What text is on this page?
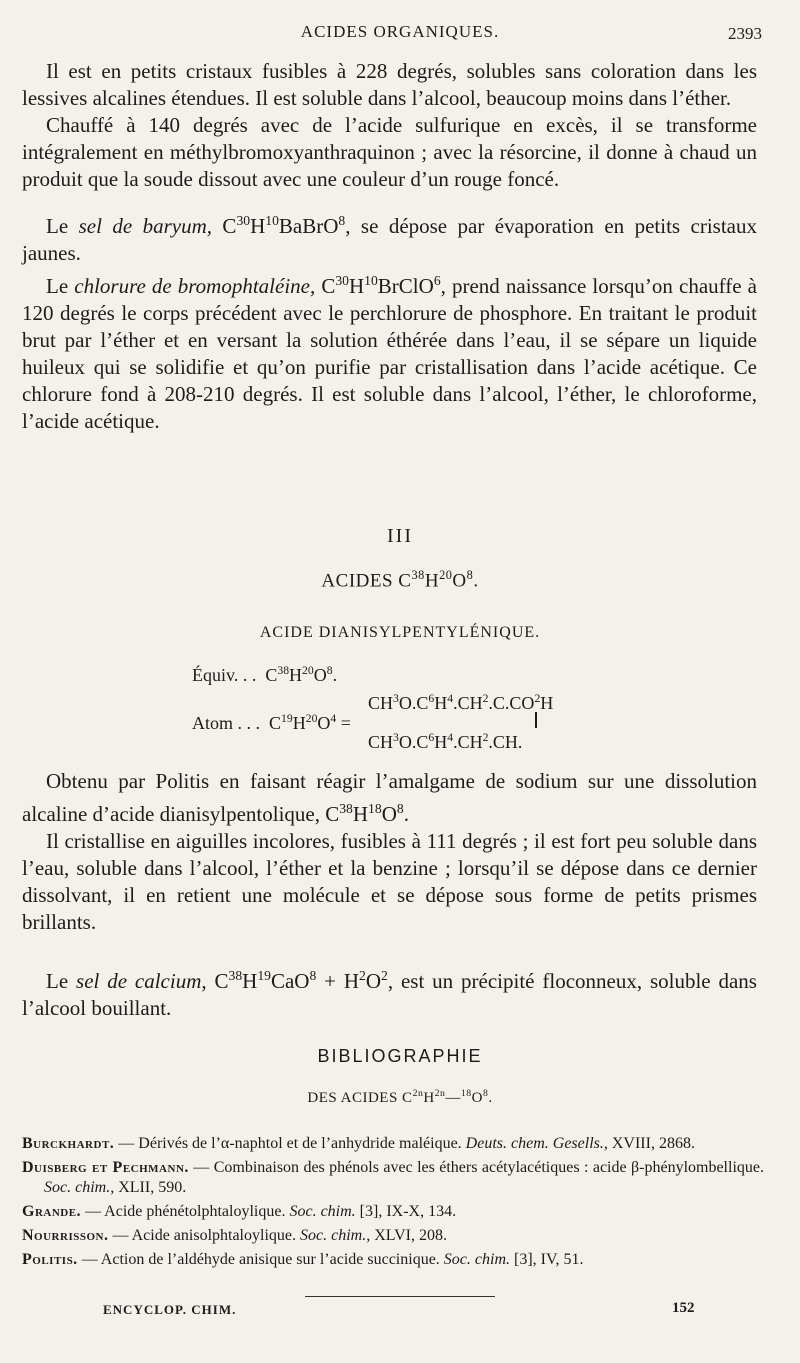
ACIDES ORGANIQUES.	2393

Il est en petits cristaux fusibles à 228 degrés, solubles sans coloration dans les lessives alcalines étendues. Il est soluble dans l’alcool, beaucoup moins dans l’éther.

Chauffé à 140 degrés avec de l’acide sulfurique en excès, il se transforme intégralement en méthylbromoxyanthraquinon ; avec la résorcine, il donne à chaud un produit que la soude dissout avec une couleur d’un rouge foncé.

Le sel de baryum, $C^{30}H^{10}BaBrO^8$, se dépose par évaporation en petits cristaux jaunes.

Le chlorure de bromophtaléine, $C^{30}H^{10}BrClO^6$, prend naissance lorsqu’on chauffe à 120 degrés le corps précédent avec le perchlorure de phosphore. En traitant le produit brut par l’éther et en versant la solution éthérée dans l’eau, il se sépare un liquide huileux qui se solidifie et qu’on purifie par cristallisation dans l’acide acétique. Ce chlorure fond à 208-210 degrés. Il est soluble dans l’alcool, l’éther, le chloroforme, l’acide acétique.

III
ACIDES $C^{38}H^{20}O^8$.
ACIDE DIANISYLPENTYLÉNIQUE.
Équiv. . .  $C^{38}H^{20}O^8$.
Atom . . .  $C^{19}H^{20}O^4$ =
$CH^3O.C^6H^4.CH^2.C.CO^2H$
$CH^3O.C^6H^4.CH^2.CH$.

Obtenu par Politis en faisant réagir l’amalgame de sodium sur une dissolution alcaline d’acide dianisylpentolique, $C^{38}H^{18}O^8$.

Il cristallise en aiguilles incolores, fusibles à 111 degrés ; il est fort peu soluble dans l’eau, soluble dans l’alcool, l’éther et la benzine ; lorsqu’il se dépose dans ce dernier dissolvant, il en retient une molécule et se dépose sous forme de petits prismes brillants.

Le sel de calcium, $C^{38}H^{19}CaO^8 + H^2O^2$, est un précipité floconneux, soluble dans l’alcool bouillant.

BIBLIOGRAPHIE
DES ACIDES $C^{2n}H^{2n}—^{18}O^8$.

Burckhardt. — Dérivés de l’α-naphtol et de l’anhydride maléique. Deuts. chem. Gesells., XVIII, 2868.

Duisberg et Pechmann. — Combinaison des phénols avec les éthers acétylacétiques : acide β-phénylombellique. Soc. chim., XLII, 590.

Grande. — Acide phénétolphtaloylique. Soc. chim. [3], IX-X, 134.

Nourrisson. — Acide anisolphtaloylique. Soc. chim., XLVI, 208.

Politis. — Action de l’aldéhyde anisique sur l’acide succinique. Soc. chim. [3], IV, 51.

ENCYCLOP. CHIM.	152
